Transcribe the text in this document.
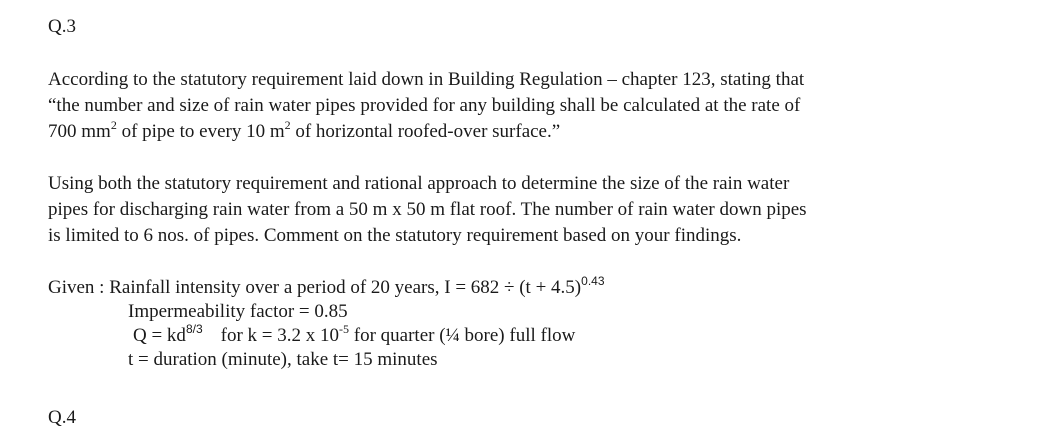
Q.3
According to the statutory requirement laid down in Building Regulation – chapter 123, stating that
“the number and size of rain water pipes provided for any building shall be calculated at the rate of
700 $mm^2$ of pipe to every 10 $m^2$ of horizontal roofed-over surface.”
Using both the statutory requirement and rational approach to determine the size of the rain water
pipes for discharging rain water from a 50 m x 50 m flat roof. The number of rain water down pipes
is limited to 6 nos. of pipes. Comment on the statutory requirement based on your findings.
Given : Rainfall intensity over a period of 20 years, $I = 682 \div (t + 4.5)^{0.43}$
Impermeability factor = 0.85
$Q = kd^{8/3}$ for k = 3.2 x $10^{-5}$ for quarter (¼ bore) full flow
t = duration (minute), take t= 15 minutes
Q.4
